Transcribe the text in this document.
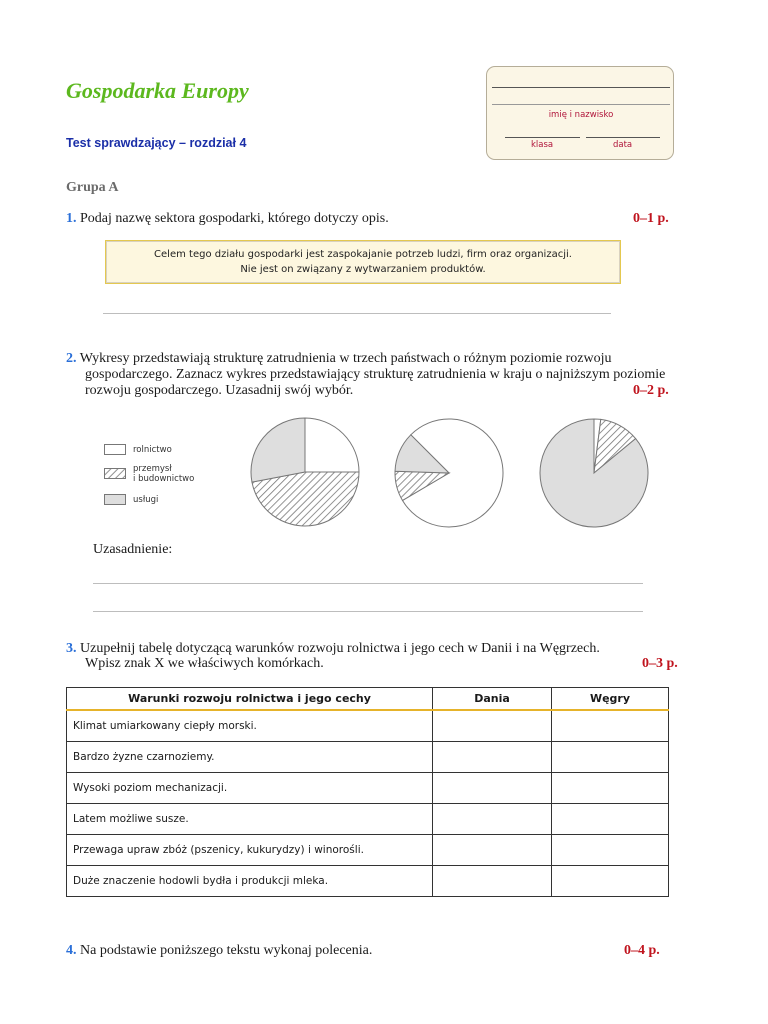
Gospodarka Europy
Test sprawdzający – rozdział 4
imię i nazwisko
klasa	data
Grupa A
1. Podaj nazwę sektora gospodarki, którego dotyczy opis.	0–1 p.
Celem tego działu gospodarki jest zaspokajanie potrzeb ludzi, firm oraz organizacji.
Nie jest on związany z wytwarzaniem produktów.
2. Wykresy przedstawiają strukturę zatrudnienia w trzech państwach o różnym poziomie rozwoju
gospodarczego. Zaznacz wykres przedstawiający strukturę zatrudnienia w kraju o najniższym poziomie
rozwoju gospodarczego. Uzasadnij swój wybór.	0–2 p.
rolnictwo
przemysł
i budownictwo
usługi
Uzasadnienie:
3. Uzupełnij tabelę dotyczącą warunków rozwoju rolnictwa i jego cech w Danii i na Węgrzech.
Wpisz znak X we właściwych komórkach.	0–3 p.
Warunki rozwoju rolnictwa i jego cechy	Dania	Węgry
Klimat umiarkowany ciepły morski.		
Bardzo żyzne czarnoziemy.		
Wysoki poziom mechanizacji.		
Latem możliwe susze.		
Przewaga upraw zbóż (pszenicy, kukurydzy) i winorośli.		
Duże znaczenie hodowli bydła i produkcji mleka.		
4. Na podstawie poniższego tekstu wykonaj polecenia.	0–4 p.
